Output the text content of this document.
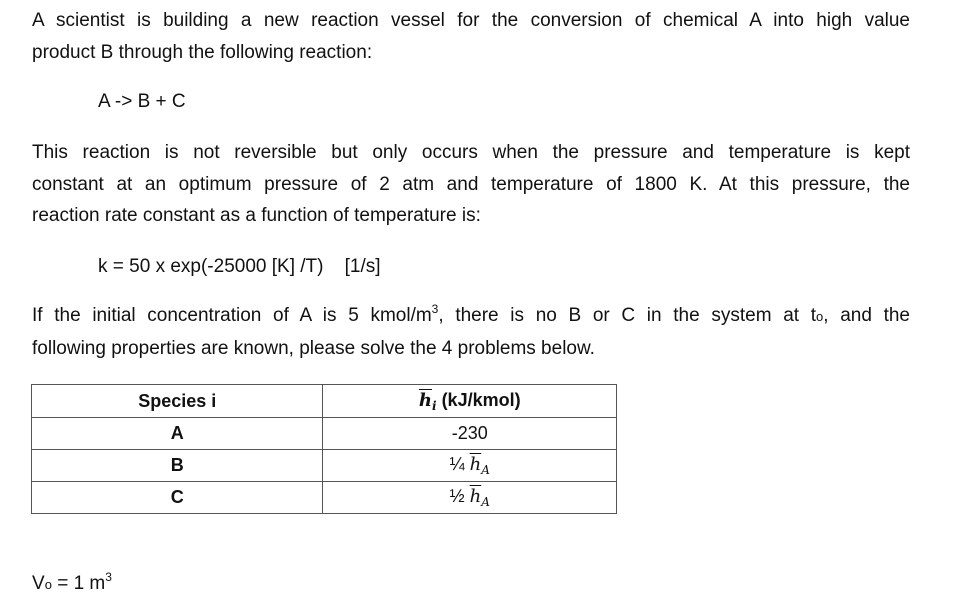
A scientist is building a new reaction vessel for the conversion of chemical A into high value
product B through the following reaction:
A -> B + C
This reaction is not reversible but only occurs when the pressure and temperature is kept
constant at an optimum pressure of 2 atm and temperature of 1800 K. At this pressure, the
reaction rate constant as a function of temperature is:
k = 50 x exp(-25000 [K] /T) [1/s]
If the initial concentration of A is 5 kmol/$m^3$, there is no B or C in the system at to, and the
following properties are known, please solve the 4 problems below.
Species i	$\overline{h}_i$ (kJ/kmol)
A	-230
B	¼ $\overline{h}_A$
C	½ $\overline{h}_A$
Vo = 1 $m^3$
